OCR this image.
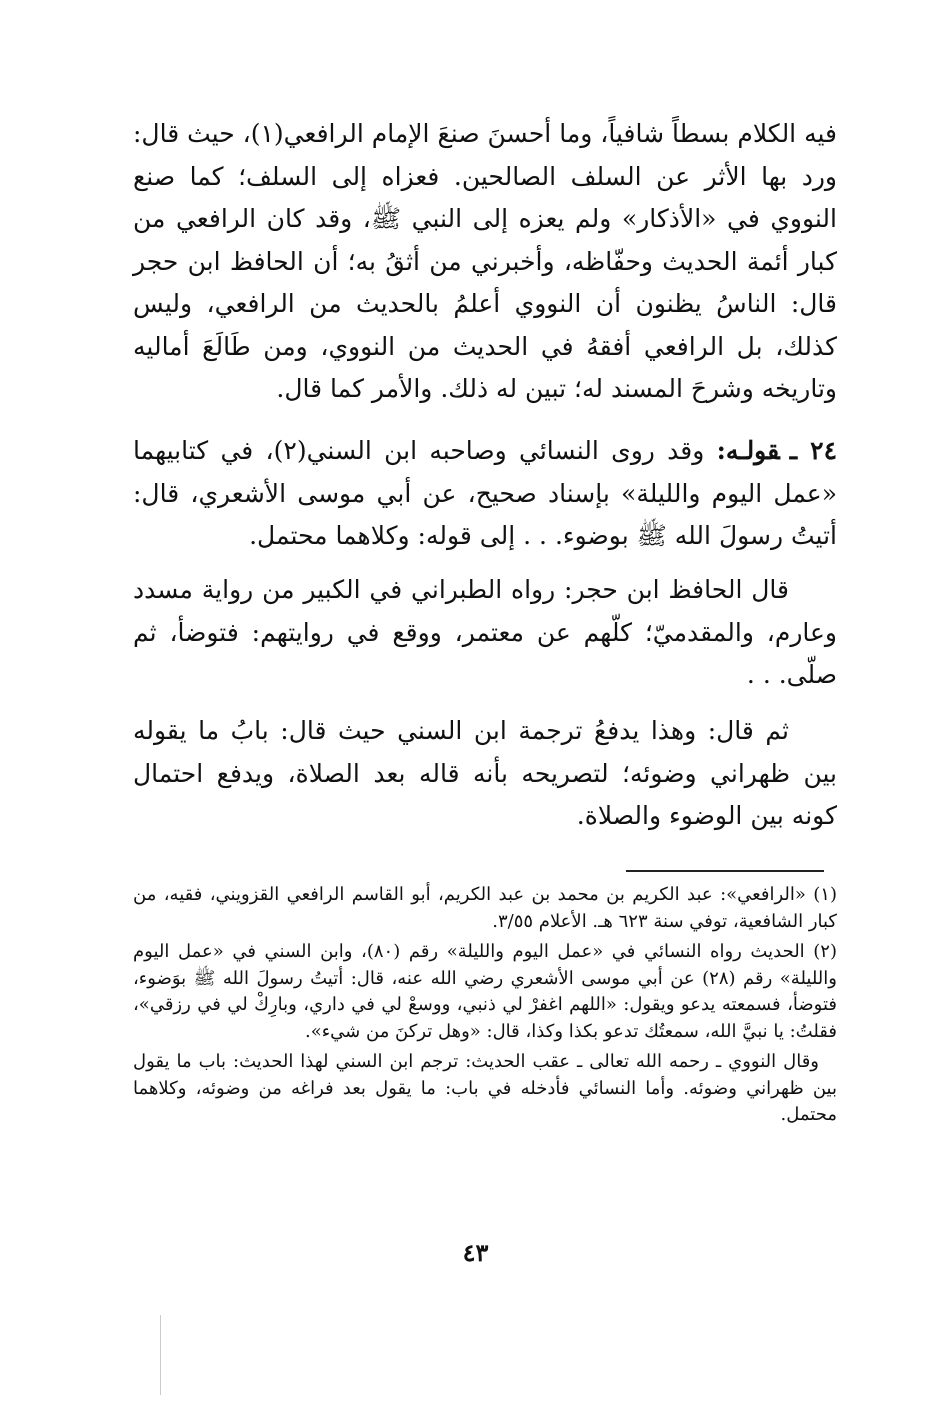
فيه الكلام بسطاً شافياً، وما أحسنَ صنعَ الإمام الرافعي(١)، حيث قال: ورد بها الأثر عن السلف الصالحين. فعزاه إلى السلف؛ كما صنع النووي في «الأذكار» ولم يعزه إلى النبي ﷺ، وقد كان الرافعي من كبار أئمة الحديث وحفّاظه، وأخبرني من أثقُ به؛ أن الحافظ ابن حجر قال: الناسُ يظنون أن النووي أعلمُ بالحديث من الرافعي، وليس كذلك، بل الرافعي أفقهُ في الحديث من النووي، ومن طَالَعَ أماليه وتاريخه وشرحَ المسند له؛ تبين له ذلك. والأمر كما قال.

٢٤ ـقولـه: وقد روى النسائي وصاحبه ابن السني(٢)، في كتابيهما «عمل اليوم والليلة» بإسناد صحيح، عن أبي موسى الأشعري، قال: أتيتُ رسولَ الله ﷺ بوضوء. . . إلى قوله: وكلاهما محتمل.

قال الحافظ ابن حجر: رواه الطبراني في الكبير من رواية مسدد وعارم، والمقدميّ؛ كلّهم عن معتمر، ووقع في روايتهم: فتوضأ، ثم صلّى. . .

ثم قال: وهذا يدفعُ ترجمة ابن السني حيث قال: بابُ ما يقوله بين ظهراني وضوئه؛ لتصريحه بأنه قاله بعد الصلاة، ويدفع احتمال كونه بين الوضوء والصلاة.

(١) «الرافعي»: عبد الكريم بن محمد بن عبد الكريم، أبو القاسم الرافعي القزويني، فقيه، من كبار الشافعية، توفي سنة ٦٢٣ هـ. الأعلام ٣/٥٥.

(٢) الحديث رواه النسائي في «عمل اليوم والليلة» رقم (٨٠)، وابن السني في «عمل اليوم والليلة» رقم (٢٨) عن أبي موسى الأشعري رضي الله عنه، قال: أتيتُ رسولَ الله ﷺ بوَضوء، فتوضأ، فسمعته يدعو ويقول: «اللهم اغفرْ لي ذنبي، ووسعْ لي في داري، وبارِكْ لي في رزقي»، فقلتُ: يا نبيَّ الله، سمعتُك تدعو بكذا وكذا، قال: «وهل تركنَ من شيء».

وقال النووي ـ رحمه الله تعالى ـ عقب الحديث: ترجم ابن السني لهذا الحديث: باب ما يقول بين ظهراني وضوئه. وأما النسائي فأدخله في باب: ما يقول بعد فراغه من وضوئه، وكلاهما محتمل.

٤٣
